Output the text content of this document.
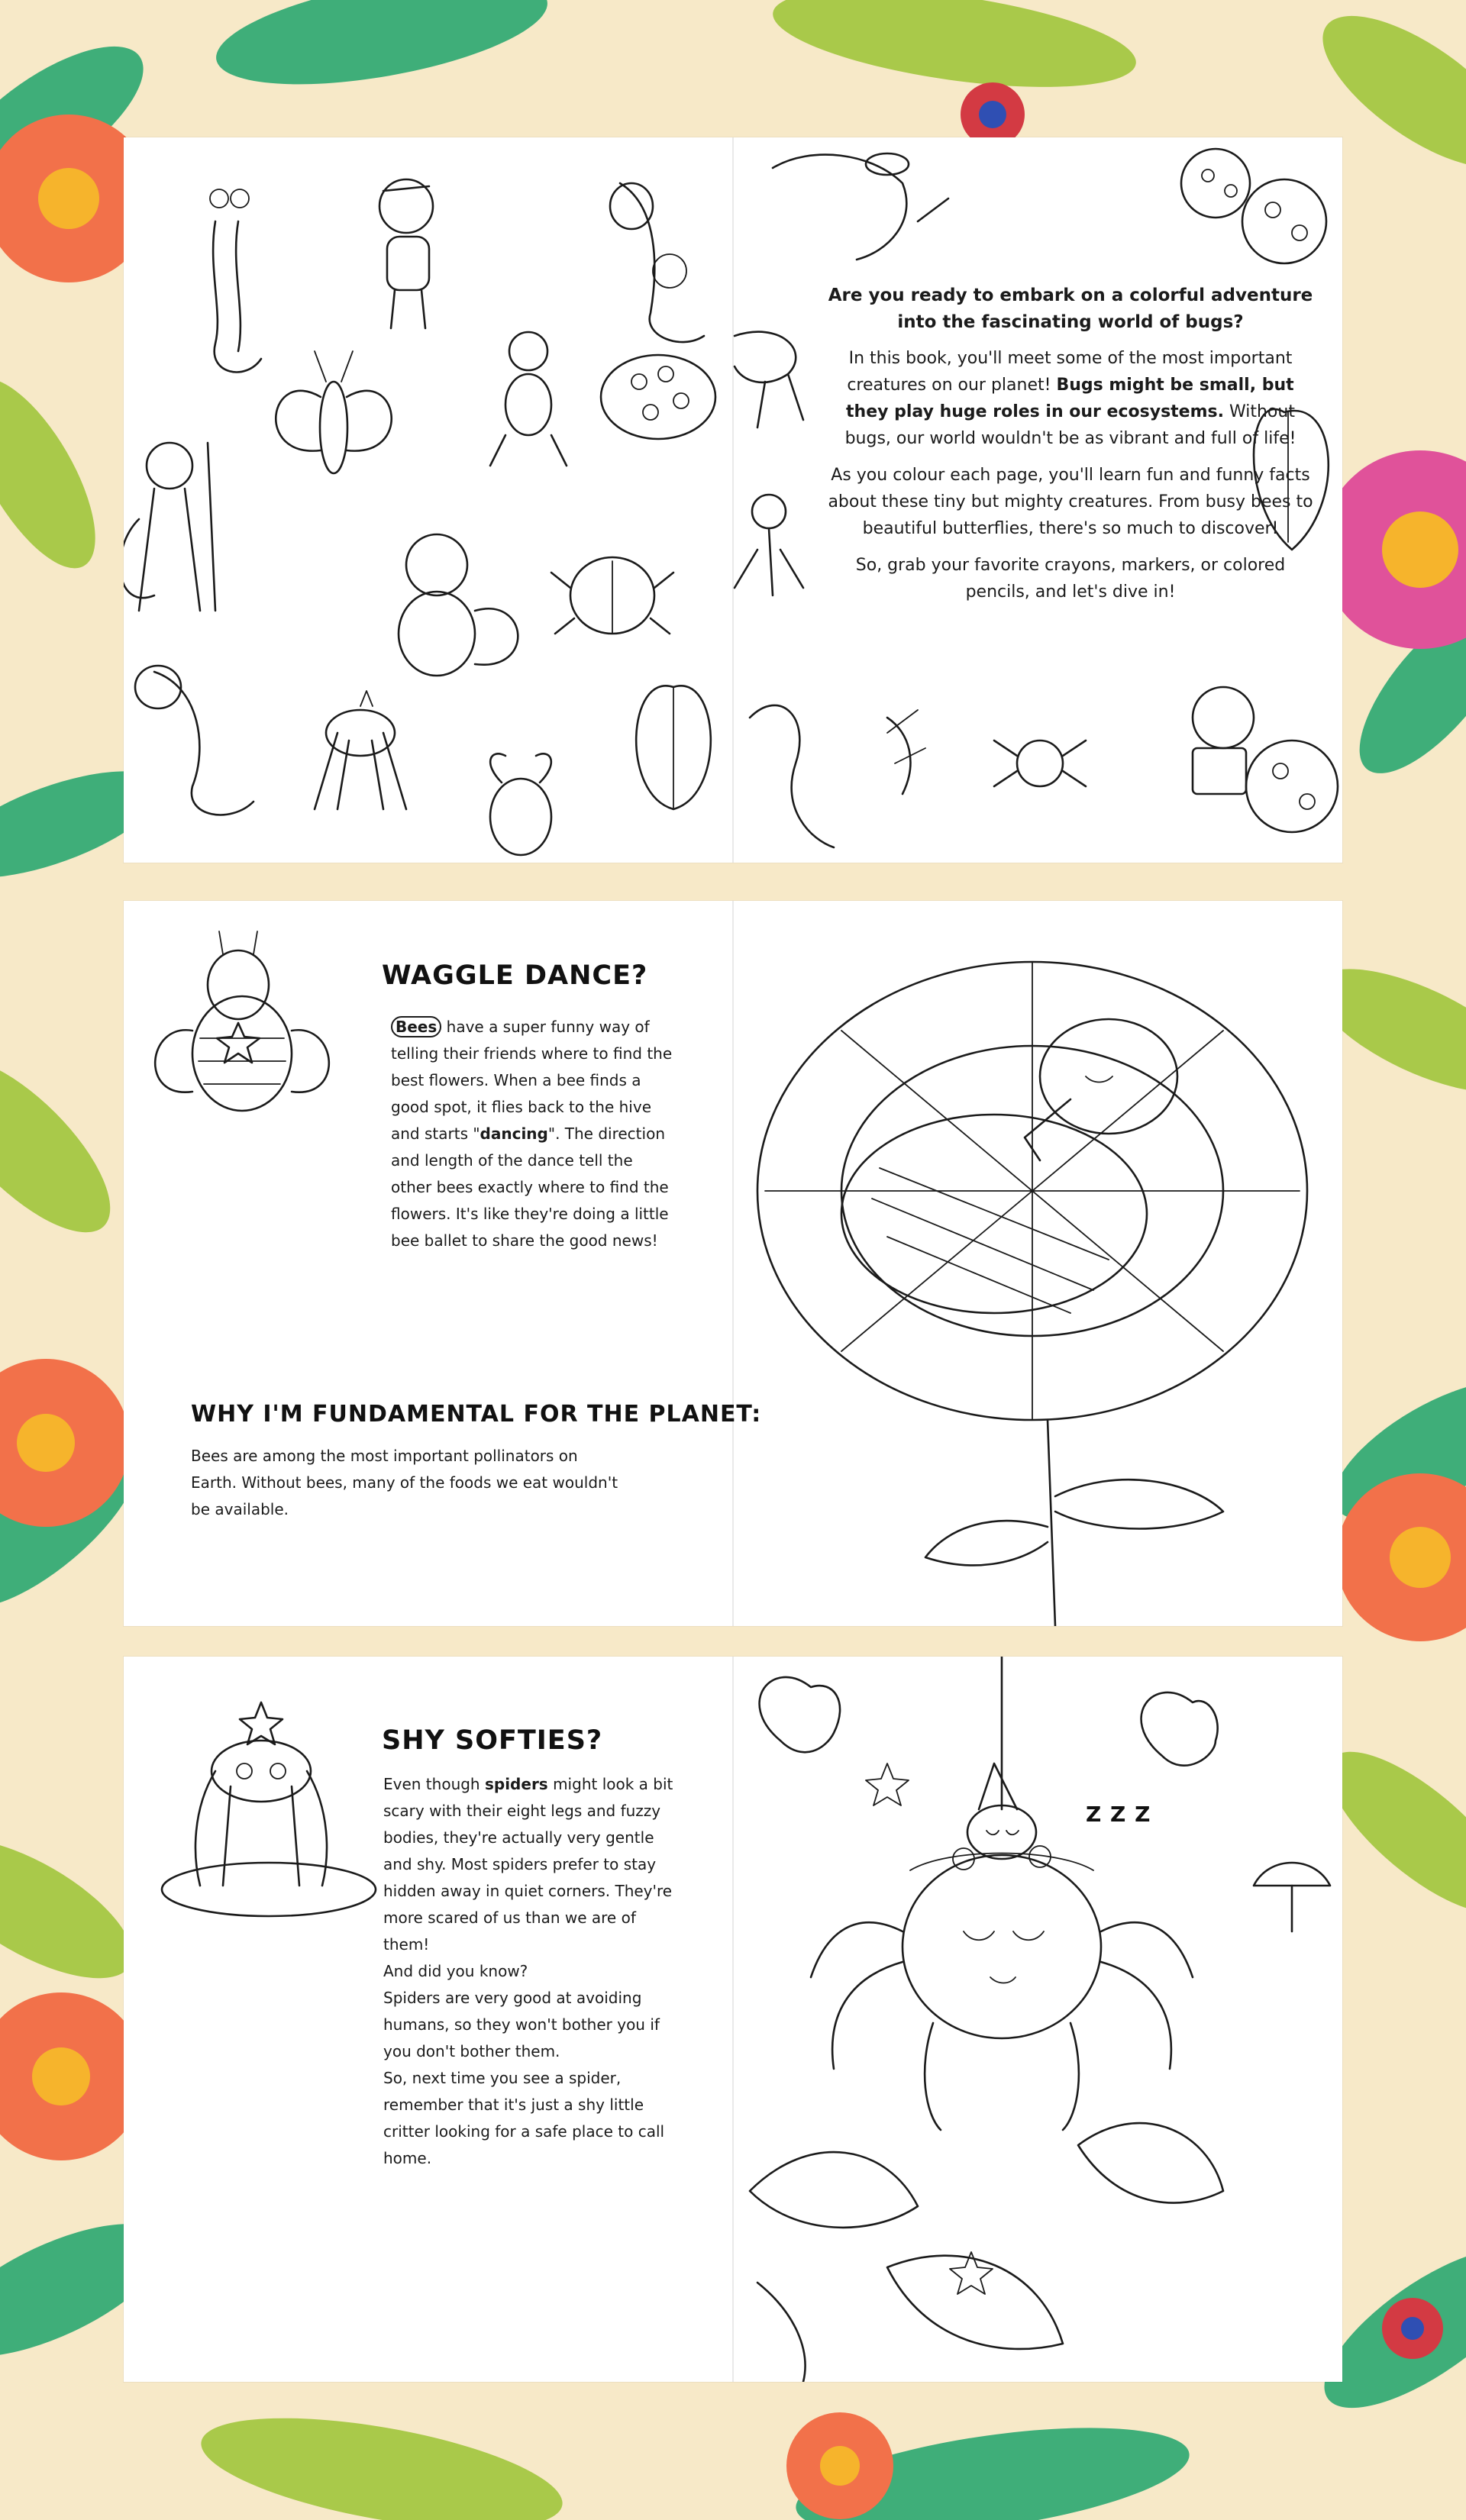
Are you ready to embark on a colorful adventure into the fascinating world of bugs?

In this book, you'll meet some of the most important creatures on our planet! Bugs might be small, but they play huge roles in our ecosystems. Without bugs, our world wouldn't be as vibrant and full of life!

As you colour each page, you'll learn fun and funny facts about these tiny but mighty creatures. From busy bees to beautiful butterflies, there's so much to discover!

So, grab your favorite crayons, markers, or colored pencils, and let's dive in!

WAGGLE DANCE?
Bees have a super funny way of telling their friends where to find the best flowers. When a bee finds a good spot, it flies back to the hive and starts "dancing". The direction and length of the dance tell the other bees exactly where to find the flowers. It's like they're doing a little bee ballet to share the good news!
WHY I'M FUNDAMENTAL FOR THE PLANET:
Bees are among the most important pollinators on Earth. Without bees, many of the foods we eat wouldn't be available.
SHY SOFTIES?
Even though spiders might look a bit scary with their eight legs and fuzzy bodies, they're actually very gentle and shy. Most spiders prefer to stay hidden away in quiet corners. They're more scared of us than we are of them!
And did you know?
Spiders are very good at avoiding humans, so they won't bother you if you don't bother them.
So, next time you see a spider, remember that it's just a shy little critter looking for a safe place to call home.
Z Z Z
